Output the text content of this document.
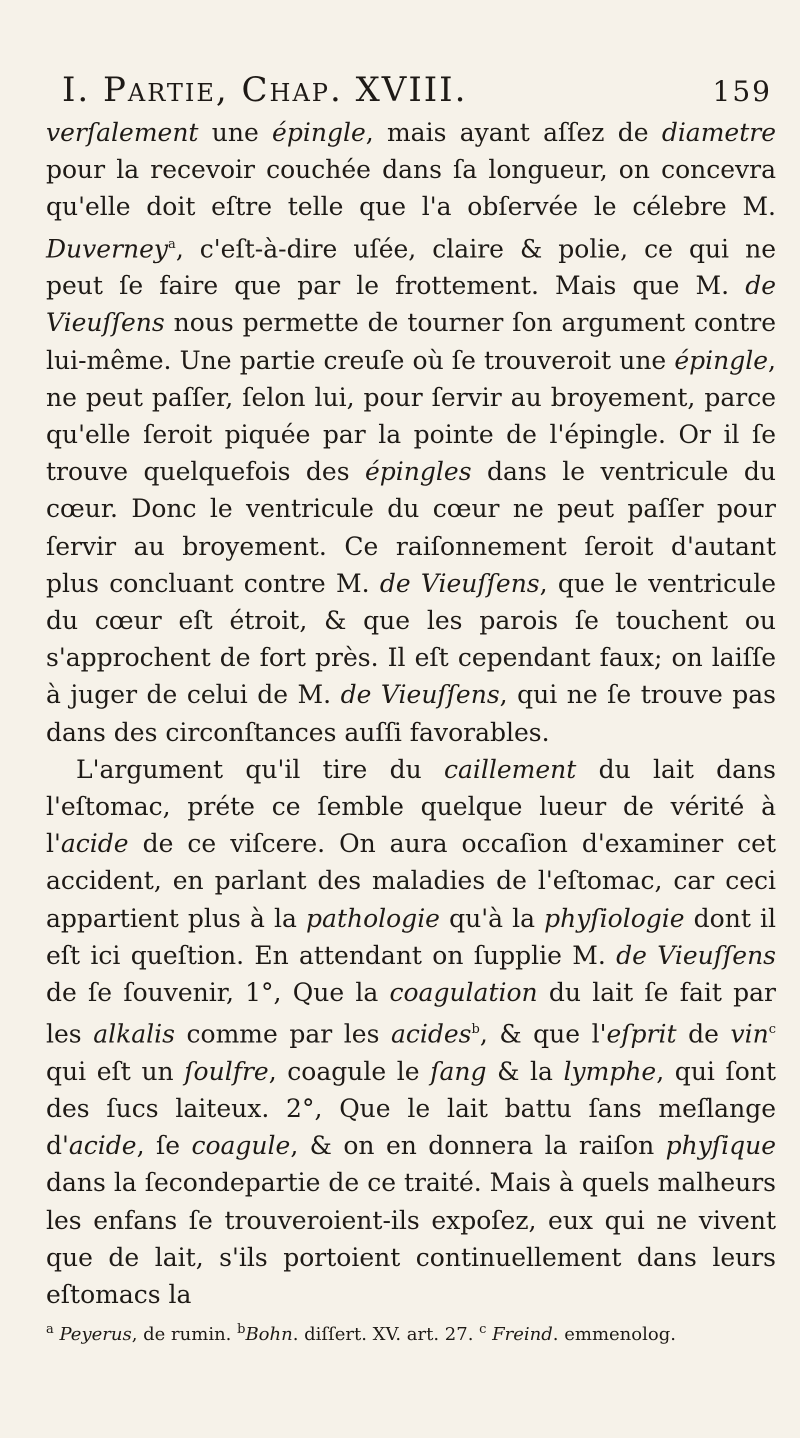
I. Partie, Chap. XVIII.	159

verſalement une épingle, mais ayant aſſez de diametre pour la recevoir couchée dans ſa longueur, on concevra qu'elle doit eſtre telle que l'a obſervée le célebre M. Duverney$^a$, c'eſt-à-dire uſée, claire & polie, ce qui ne peut ſe faire que par le frottement. Mais que M. de Vieuſſens nous permette de tourner ſon argument contre lui-même. Une partie creuſe où ſe trouveroit une épingle, ne peut paſſer, ſelon lui, pour ſervir au broyement, parce qu'elle ſeroit piquée par la pointe de l'épingle. Or il ſe trouve quelquefois des épingles dans le ventricule du cœur. Donc le ventricule du cœur ne peut paſſer pour ſervir au broyement. Ce raiſonnement ſeroit d'autant plus concluant contre M. de Vieuſſens, que le ventricule du cœur eſt étroit, & que les parois ſe touchent ou s'approchent de fort près. Il eſt cependant faux; on laiſſe à juger de celui de M. de Vieuſſens, qui ne ſe trouve pas dans des circonſtances auſſi favorables.

L'argument qu'il tire du caillement du lait dans l'eſtomac, préte ce ſemble quelque lueur de vérité à l'acide de ce viſcere. On aura occaſion d'examiner cet accident, en parlant des maladies de l'eſtomac, car ceci appartient plus à la pathologie qu'à la phyſiologie dont il eſt ici queſtion. En attendant on ſupplie M. de Vieuſſens de ſe ſouvenir, 1°, Que la coagulation du lait ſe fait par les alkalis comme par les acides$^b$, & que l'eſprit de vin$^c$ qui eſt un ſoulfre, coagule le ſang & la lymphe, qui ſont des ſucs laiteux. 2°, Que le lait battu ſans meſlange d'acide, ſe coagule, & on en donnera la raiſon phyſique dans la ſecondepartie de ce traité. Mais à quels malheurs les enfans ſe trouveroient-ils expoſez, eux qui ne vivent que de lait, s'ils portoient continuellement dans leurs eſtomacs la

$^a$ Peyerus, de rumin. $^b$Bohn. diſſert. XV. art. 27. $^c$ Freind. emmenolog.
